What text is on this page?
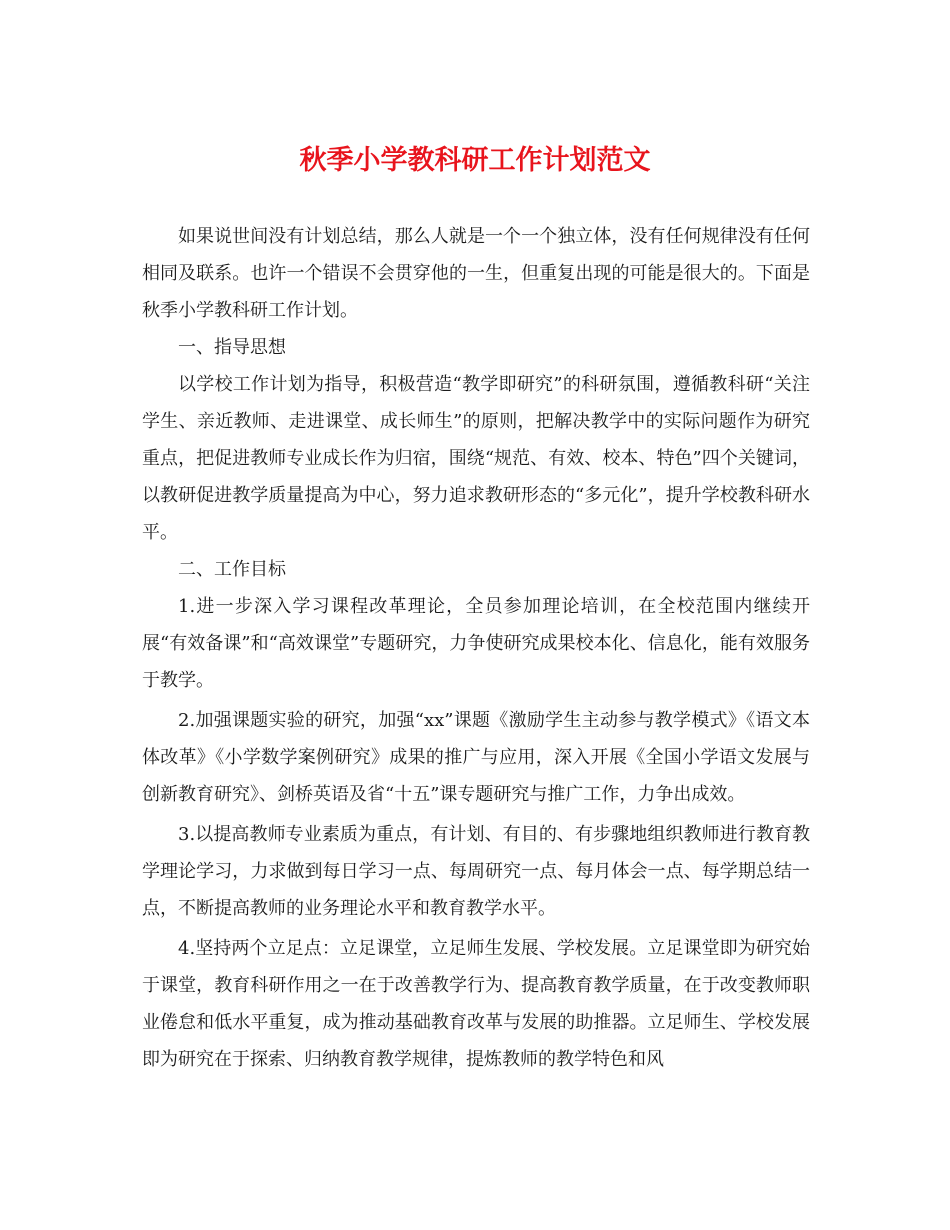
秋季小学教科研工作计划范文

如果说世间没有计划总结，那么人就是一个一个独立体，没有任何规律没有任何相同及联系。也许一个错误不会贯穿他的一生，但重复出现的可能是很大的。下面是秋季小学教科研工作计划。

一、指导思想

以学校工作计划为指导，积极营造“教学即研究”的科研氛围，遵循教科研“关注学生、亲近教师、走进课堂、成长师生”的原则，把解决教学中的实际问题作为研究重点，把促进教师专业成长作为归宿，围绕“规范、有效、校本、特色”四个关键词，以教研促进教学质量提高为中心，努力追求教研形态的“多元化”，提升学校教科研水平。

二、工作目标

1.进一步深入学习课程改革理论，全员参加理论培训，在全校范围内继续开展“有效备课”和“高效课堂”专题研究，力争使研究成果校本化、信息化，能有效服务于教学。

2.加强课题实验的研究，加强“xx”课题《激励学生主动参与教学模式》《语文本体改革》《小学数学案例研究》成果的推广与应用，深入开展《全国小学语文发展与创新教育研究》、剑桥英语及省“十五”课专题研究与推广工作，力争出成效。

3.以提高教师专业素质为重点，有计划、有目的、有步骤地组织教师进行教育教学理论学习，力求做到每日学习一点、每周研究一点、每月体会一点、每学期总结一点，不断提高教师的业务理论水平和教育教学水平。

4.坚持两个立足点：立足课堂，立足师生发展、学校发展。立足课堂即为研究始于课堂，教育科研作用之一在于改善教学行为、提高教育教学质量，在于改变教师职业倦怠和低水平重复，成为推动基础教育改革与发展的助推器。立足师生、学校发展即为研究在于探索、归纳教育教学规律，提炼教师的教学特色和风
